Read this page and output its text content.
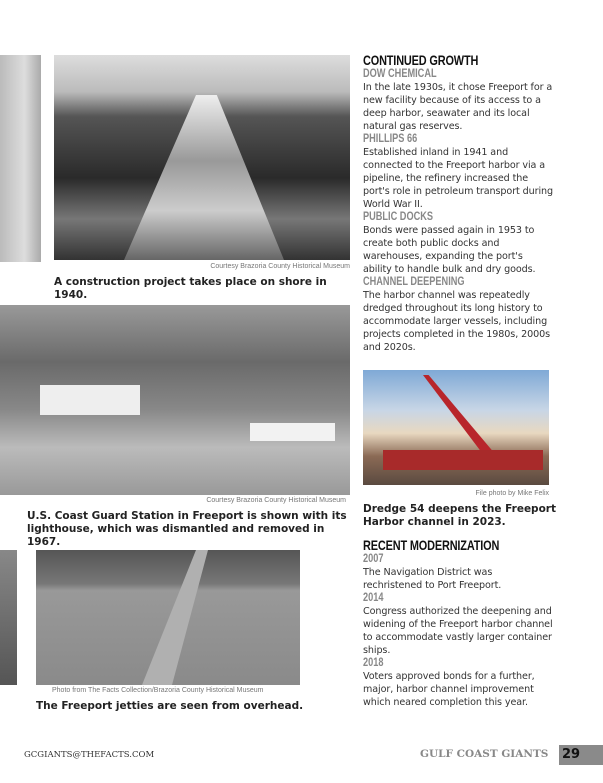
Courtesy Brazoria County Historical Museum
A construction project takes place on shore in 1940.
Courtesy Brazoria County Historical Museum
U.S. Coast Guard Station in Freeport is shown with its lighthouse, which was dismantled and removed in 1967.
Photo from The Facts Collection/Brazoria County Historical Museum
The Freeport jetties are seen from overhead.
CONTINUED GROWTH
DOW CHEMICAL
In the late 1930s, it chose Freeport for a new facility because of its access to a deep harbor, seawater and its local natural gas reserves.
PHILLIPS 66
Established inland in 1941 and connected to the Freeport harbor via a pipeline, the refinery increased the port's role in petroleum transport during World War II.
PUBLIC DOCKS
Bonds were passed again in 1953 to create both public docks and warehouses, expanding the port's ability to handle bulk and dry goods.
CHANNEL DEEPENING
The harbor channel was repeatedly dredged throughout its long history to accommodate larger vessels, including projects completed in the 1980s, 2000s and 2020s.
File photo by Mike Felix
Dredge 54 deepens the Freeport Harbor channel in 2023.
RECENT MODERNIZATION
2007
The Navigation District was rechristened to Port Freeport.
2014
Congress authorized the deepening and widening of the Freeport harbor channel to accommodate vastly larger container ships.
2018
Voters approved bonds for a further, major, harbor channel improvement which neared completion this year.
GCGIANTS@THEFACTS.COM	GULF COAST GIANTS 29
